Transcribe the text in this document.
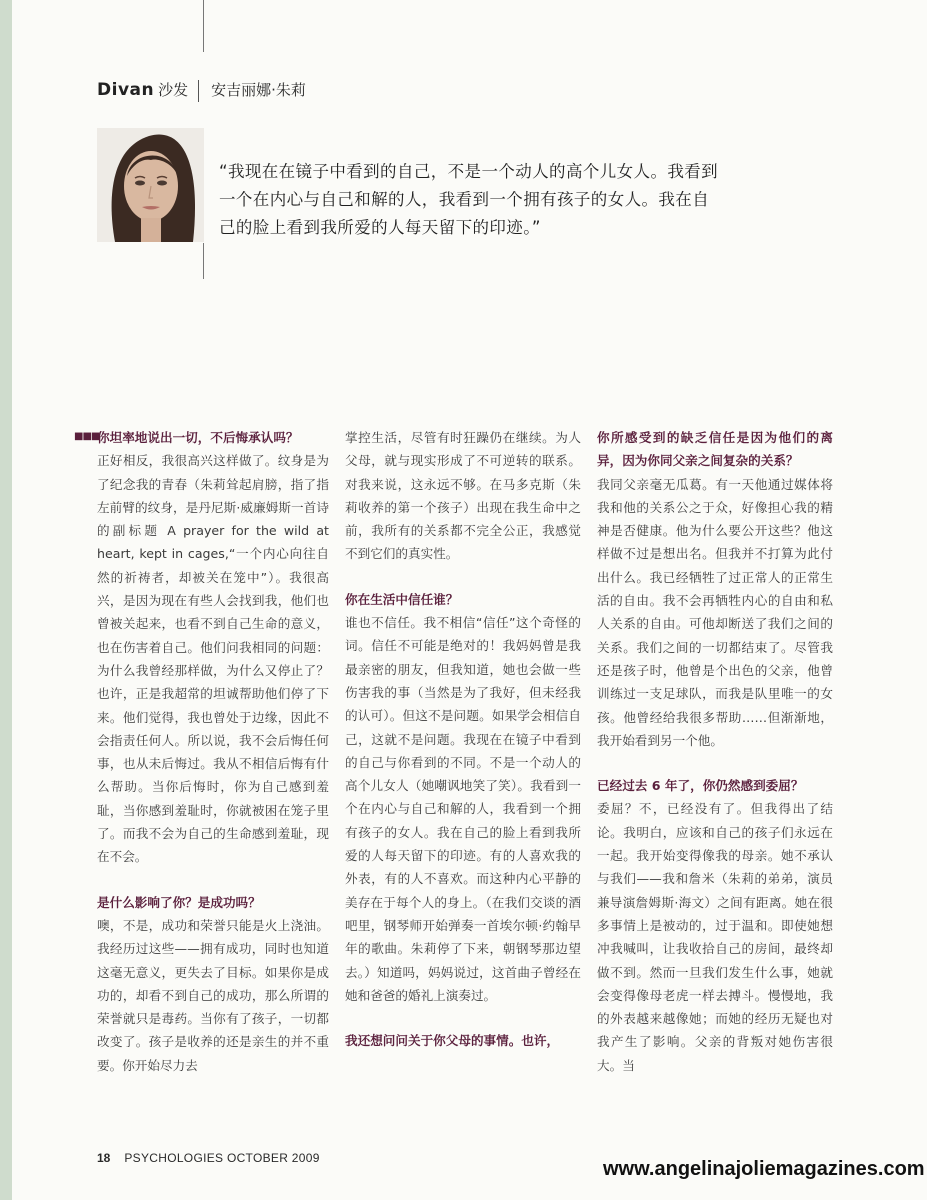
Divan 沙发 安吉丽娜·朱莉
“我现在在镜子中看到的自己，不是一个动人的高个儿女人。我看到一个在内心与自己和解的人，我看到一个拥有孩子的女人。我在自己的脸上看到我所爱的人每天留下的印迹。”
■■■

你坦率地说出一切，不后悔承认吗？

正好相反，我很高兴这样做了。纹身是为了纪念我的青春（朱莉耸起肩膀，指了指左前臂的纹身，是丹尼斯·威廉姆斯一首诗的副标题 A prayer for the wild at heart, kept in cages,“一个内心向往自然的祈祷者，却被关在笼中”）。我很高兴，是因为现在有些人会找到我，他们也曾被关起来，也看不到自己生命的意义，也在伤害着自己。他们问我相同的问题：为什么我曾经那样做，为什么又停止了？也许，正是我超常的坦诚帮助他们停了下来。他们觉得，我也曾处于边缘，因此不会指责任何人。所以说，我不会后悔任何事，也从未后悔过。我从不相信后悔有什么帮助。当你后悔时，你为自己感到羞耻，当你感到羞耻时，你就被困在笼子里了。而我不会为自己的生命感到羞耻，现在不会。

是什么影响了你？是成功吗？

噢，不是，成功和荣誉只能是火上浇油。我经历过这些——拥有成功，同时也知道这毫无意义，更失去了目标。如果你是成功的，却看不到自己的成功，那么所谓的荣誉就只是毒药。当你有了孩子，一切都改变了。孩子是收养的还是亲生的并不重要。你开始尽力去

掌控生活，尽管有时狂躁仍在继续。为人父母，就与现实形成了不可逆转的联系。对我来说，这永远不够。在马多克斯（朱莉收养的第一个孩子）出现在我生命中之前，我所有的关系都不完全公正，我感觉不到它们的真实性。

你在生活中信任谁？

谁也不信任。我不相信“信任”这个奇怪的词。信任不可能是绝对的！我妈妈曾是我最亲密的朋友，但我知道，她也会做一些伤害我的事（当然是为了我好，但未经我的认可）。但这不是问题。如果学会相信自己，这就不是问题。我现在在镜子中看到的自己与你看到的不同。不是一个动人的高个儿女人（她嘲讽地笑了笑）。我看到一个在内心与自己和解的人，我看到一个拥有孩子的女人。我在自己的脸上看到我所爱的人每天留下的印迹。有的人喜欢我的外表，有的人不喜欢。而这种内心平静的美存在于每个人的身上。（在我们交谈的酒吧里，钢琴师开始弹奏一首埃尔顿·约翰早年的歌曲。朱莉停了下来，朝钢琴那边望去。）知道吗，妈妈说过，这首曲子曾经在她和爸爸的婚礼上演奏过。

我还想问问关于你父母的事情。也许，

你所感受到的缺乏信任是因为他们的离异，因为你同父亲之间复杂的关系？

我同父亲毫无瓜葛。有一天他通过媒体将我和他的关系公之于众，好像担心我的精神是否健康。他为什么要公开这些？他这样做不过是想出名。但我并不打算为此付出什么。我已经牺牲了过正常人的正常生活的自由。我不会再牺牲内心的自由和私人关系的自由。可他却断送了我们之间的关系。我们之间的一切都结束了。尽管我还是孩子时，他曾是个出色的父亲，他曾训练过一支足球队，而我是队里唯一的女孩。他曾经给我很多帮助……但渐渐地，我开始看到另一个他。

已经过去 6 年了，你仍然感到委屈？

委屈？不，已经没有了。但我得出了结论。我明白，应该和自己的孩子们永远在一起。我开始变得像我的母亲。她不承认与我们——我和詹米（朱莉的弟弟，演员兼导演詹姆斯·海文）之间有距离。她在很多事情上是被动的，过于温和。即使她想冲我喊叫，让我收拾自己的房间，最终却做不到。然而一旦我们发生什么事，她就会变得像母老虎一样去搏斗。慢慢地，我的外表越来越像她；而她的经历无疑也对我产生了影响。父亲的背叛对她伤害很大。当

18 PSYCHOLOGIES OCTOBER 2009	www.angelinajoliemagazines.com
